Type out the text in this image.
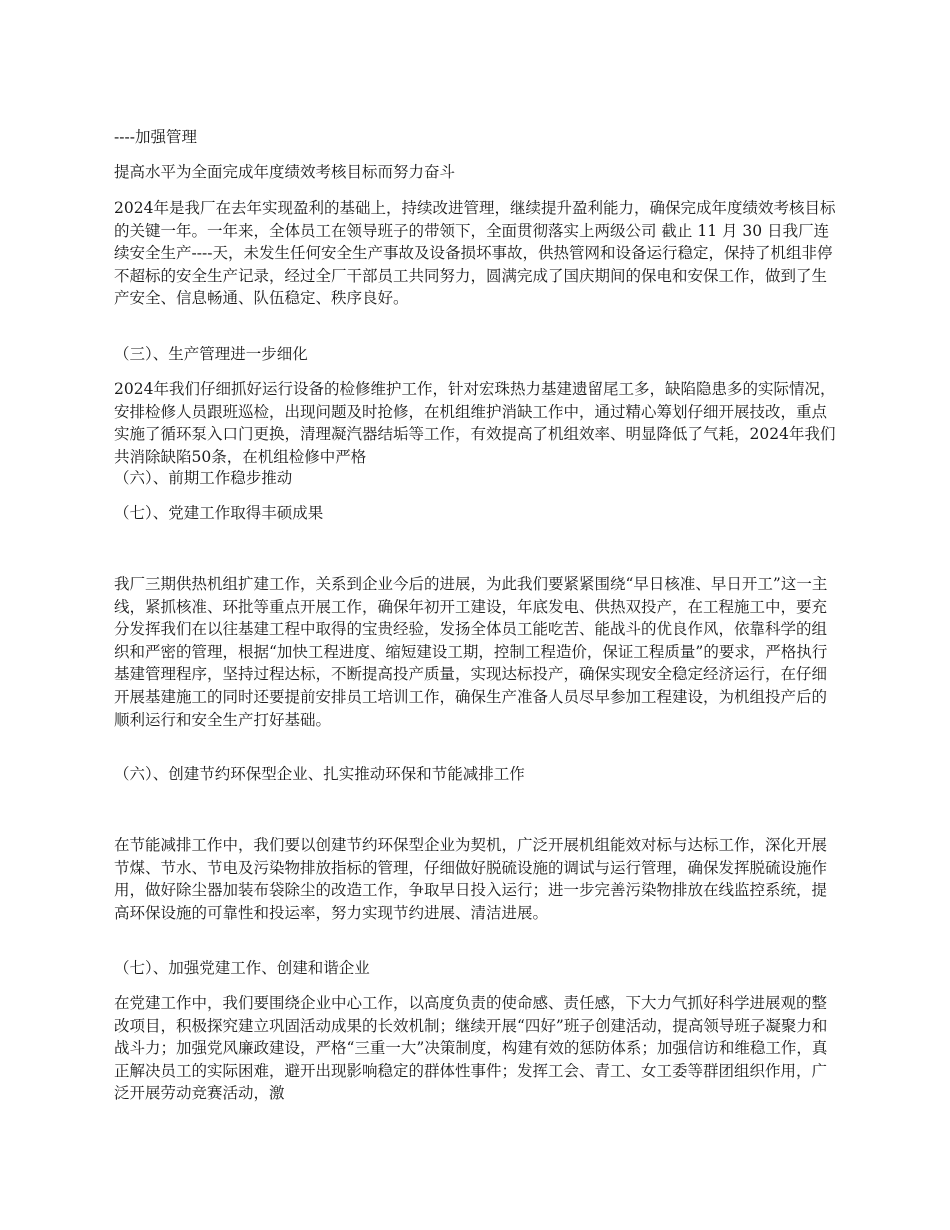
----加强管理

提高水平为全面完成年度绩效考核目标而努力奋斗

2024年是我厂在去年实现盈利的基础上，持续改进管理，继续提升盈利能力，确保完成年度绩效考核目标的关键一年。一年来，全体员工在领导班子的带领下，全面贯彻落实上两级公司 截止 11 月 30 日我厂连续安全生产----天，未发生任何安全生产事故及设备损坏事故，供热管网和设备运行稳定，保持了机组非停不超标的安全生产记录，经过全厂干部员工共同努力，圆满完成了国庆期间的保电和安保工作，做到了生产安全、信息畅通、队伍稳定、秩序良好。

（三）、生产管理进一步细化

2024年我们仔细抓好运行设备的检修维护工作，针对宏珠热力基建遗留尾工多，缺陷隐患多的实际情况，安排检修人员跟班巡检，出现问题及时抢修，在机组维护消缺工作中，通过精心筹划仔细开展技改，重点实施了循环泵入口门更换，清理凝汽器结垢等工作，有效提高了机组效率、明显降低了气耗，2024年我们共消除缺陷50条，在机组检修中严格

（六）、前期工作稳步推动

（七）、党建工作取得丰硕成果

我厂三期供热机组扩建工作，关系到企业今后的进展，为此我们要紧紧围绕“早日核准、早日开工”这一主线，紧抓核准、环批等重点开展工作，确保年初开工建设，年底发电、供热双投产，在工程施工中，要充分发挥我们在以往基建工程中取得的宝贵经验，发扬全体员工能吃苦、能战斗的优良作风，依靠科学的组织和严密的管理，根据“加快工程进度、缩短建设工期，控制工程造价，保证工程质量”的要求，严格执行基建管理程序，坚持过程达标，不断提高投产质量，实现达标投产，确保实现安全稳定经济运行，在仔细开展基建施工的同时还要提前安排员工培训工作，确保生产准备人员尽早参加工程建设，为机组投产后的顺利运行和安全生产打好基础。

（六）、创建节约环保型企业、扎实推动环保和节能减排工作

在节能减排工作中，我们要以创建节约环保型企业为契机，广泛开展机组能效对标与达标工作，深化开展节煤、节水、节电及污染物排放指标的管理，仔细做好脱硫设施的调试与运行管理，确保发挥脱硫设施作用，做好除尘器加装布袋除尘的改造工作，争取早日投入运行；进一步完善污染物排放在线监控系统，提高环保设施的可靠性和投运率，努力实现节约进展、清洁进展。

（七）、加强党建工作、创建和谐企业

在党建工作中，我们要围绕企业中心工作，以高度负责的使命感、责任感，下大力气抓好科学进展观的整改项目，积极探究建立巩固活动成果的长效机制；继续开展“四好”班子创建活动，提高领导班子凝聚力和战斗力；加强党风廉政建设，严格“三重一大”决策制度，构建有效的惩防体系；加强信访和维稳工作，真正解决员工的实际困难，避开出现影响稳定的群体性事件；发挥工会、青工、女工委等群团组织作用，广泛开展劳动竞赛活动，激
